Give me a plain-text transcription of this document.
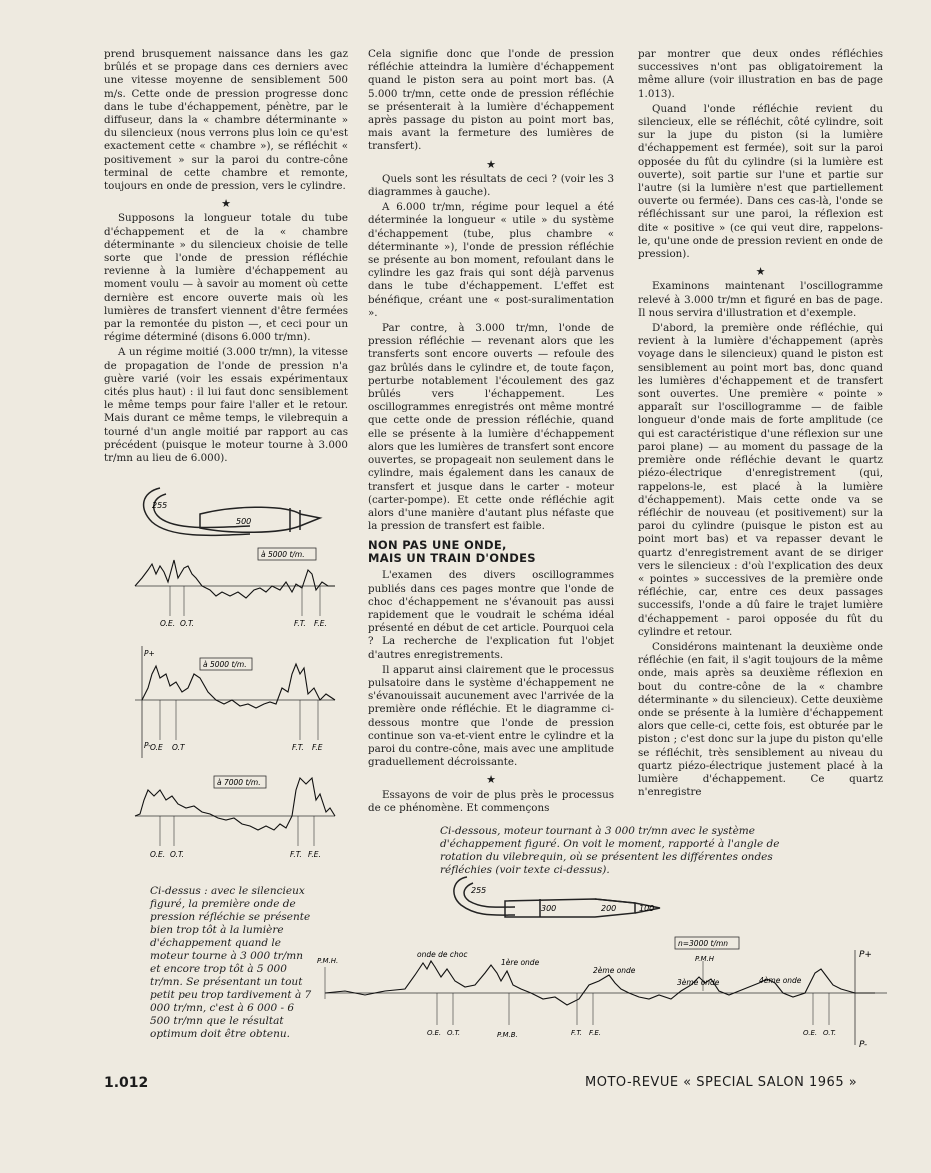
prend brusquement naissance dans les gaz brûlés et se propage dans ces derniers avec une vitesse moyenne de sensiblement 500 m/s. Cette onde de pression progresse donc dans le tube d'échappement, pénètre, par le diffuseur, dans la « chambre déterminante » du silencieux (nous verrons plus loin ce qu'est exactement cette « chambre »), se réfléchit « positivement » sur la paroi du contre-cône terminal de cette chambre et remonte, toujours en onde de pression, vers le cylindre.

★

Supposons la longueur totale du tube d'échappement et de la « chambre déterminante » du silencieux choisie de telle sorte que l'onde de pression réfléchie revienne à la lumière d'échappement au moment voulu — à savoir au moment où cette dernière est encore ouverte mais où les lumières de transfert viennent d'être fermées par la remontée du piston —, et ceci pour un régime déterminé (disons 6.000 tr/mn).

A un régime moitié (3.000 tr/mn), la vitesse de propagation de l'onde de pression n'a guère varié (voir les essais expérimentaux cités plus haut) : il lui faut donc sensiblement le même temps pour faire l'aller et le retour. Mais durant ce même temps, le vilebrequin a tourné d'un angle moitié par rapport au cas précédent (puisque le moteur tourne à 3.000 tr/mn au lieu de 6.000).

Cela signifie donc que l'onde de pression réfléchie atteindra la lumière d'échappement quand le piston sera au point mort bas. (A 5.000 tr/mn, cette onde de pression réfléchie se présenterait à la lumière d'échappement après passage du piston au point mort bas, mais avant la fermeture des lumières de transfert).

★

Quels sont les résultats de ceci ? (voir les 3 diagrammes à gauche).

A 6.000 tr/mn, régime pour lequel a été déterminée la longueur « utile » du système d'échappement (tube, plus chambre « déterminante »), l'onde de pression réfléchie se présente au bon moment, refoulant dans le cylindre les gaz frais qui sont déjà parvenus dans le tube d'échappement. L'effet est bénéfique, créant une « post-suralimentation ».

Par contre, à 3.000 tr/mn, l'onde de pression réfléchie — revenant alors que les transferts sont encore ouverts — refoule des gaz brûlés dans le cylindre et, de toute façon, perturbe notablement l'écoulement des gaz brûlés vers l'échappement. Les oscillogrammes enregistrés ont même montré que cette onde de pression réfléchie, quand elle se présente à la lumière d'échappement alors que les lumières de transfert sont encore ouvertes, se propageait non seulement dans le cylindre, mais également dans les canaux de transfert et jusque dans le carter - moteur (carter-pompe). Et cette onde réfléchie agit alors d'une manière d'autant plus néfaste que la pression de transfert est faible.

NON PAS UNE ONDE,
MAIS UN TRAIN D'ONDES

L'examen des divers oscillogrammes publiés dans ces pages montre que l'onde de choc d'échappement ne s'évanouit pas aussi rapidement que le voudrait le schéma idéal présenté en début de cet article. Pourquoi cela ? La recherche de l'explication fut l'objet d'autres enregistrements.

Il apparut ainsi clairement que le processus pulsatoire dans le système d'échappement ne s'évanouissait aucunement avec l'arrivée de la première onde réfléchie. Et le diagramme ci-dessous montre que l'onde de pression continue son va-et-vient entre le cylindre et la paroi du contre-cône, mais avec une amplitude graduellement décroissante.

★

Essayons de voir de plus près le processus de ce phénomène. Et commençons

par montrer que deux ondes réfléchies successives n'ont pas obligatoirement la même allure (voir illustration en bas de page 1.013).

Quand l'onde réfléchie revient du silencieux, elle se réfléchit, côté cylindre, soit sur la jupe du piston (si la lumière d'échappement est fermée), soit sur la paroi opposée du fût du cylindre (si la lumière est ouverte), soit partie sur l'une et partie sur l'autre (si la lumière n'est que partiellement ouverte ou fermée). Dans ces cas-là, l'onde se réfléchissant sur une paroi, la réflexion est dite « positive » (ce qui veut dire, rappelons-le, qu'une onde de pression revient en onde de pression).

★

Examinons maintenant l'oscillogramme relevé à 3.000 tr/mn et figuré en bas de page. Il nous servira d'illustration et d'exemple.

D'abord, la première onde réfléchie, qui revient à la lumière d'échappement (après voyage dans le silencieux) quand le piston est sensiblement au point mort bas, donc quand les lumières d'échappement et de transfert sont ouvertes. Une première « pointe » apparaît sur l'oscillogramme — de faible longueur d'onde mais de forte amplitude (ce qui est caractéristique d'une réflexion sur une paroi plane) — au moment du passage de la première onde réfléchie devant le quartz piézo-électrique d'enregistrement (qui, rappelons-le, est placé à la lumière d'échappement). Mais cette onde va se réfléchir de nouveau (et positivement) sur la paroi du cylindre (puisque le piston est au point mort bas) et va repasser devant le quartz d'enregistrement avant de se diriger vers le silencieux : d'où l'explication des deux « pointes » successives de la première onde réfléchie, car, entre ces deux passages successifs, l'onde a dû faire le trajet lumière d'échappement - paroi opposée du fût du cylindre et retour.

Considérons maintenant la deuxième onde réfléchie (en fait, il s'agit toujours de la même onde, mais après sa deuxième réflexion en bout du contre-cône de la « chambre déterminante » du silencieux). Cette deuxième onde se présente à la lumière d'échappement alors que celle-ci, cette fois, est obturée par le piston ; c'est donc sur la jupe du piston qu'elle se réfléchit, très sensiblement au niveau du quartz piézo-électrique justement placé à la lumière d'échappement. Ce quartz n'enregistre

255
500
à 5000 t/m.
O.E. O.T.	F.T. F.E.
à 5000 t/m.
P+
P- O.E O.T	F.T. F.E
à 7000 t/m.
O.E. O.T.	F.T. F.E.
Ci-dessus : avec le silencieux figuré, la première onde de pression réfléchie se présente bien trop tôt à la lumière d'échappement quand le moteur tourne à 3 000 tr/mn et encore trop tôt à 5 000 tr/mn. Se présentant un tout petit peu trop tardivement à 7 000 tr/mn, c'est à 6 000 - 6 500 tr/mn que le résultat optimum doit être obtenu.
Ci-dessous, moteur tournant à 3 000 tr/mn avec le système d'échappement figuré. On voit le moment, rapporté à l'angle de rotation du vilebrequin, où se présentent les différentes ondes réfléchies (voir texte ci-dessus).
255
300	200	100
n=3000 t/mn
P+
P-
P.M.H.
onde de choc
1ère onde
2ème onde
P.M.H
3ème onde	4ème onde
O.E. O.T.	P.M.B.	F.T. F.E.	O.E. O.T.
1.012	MOTO-REVUE « SPECIAL SALON 1965 »
